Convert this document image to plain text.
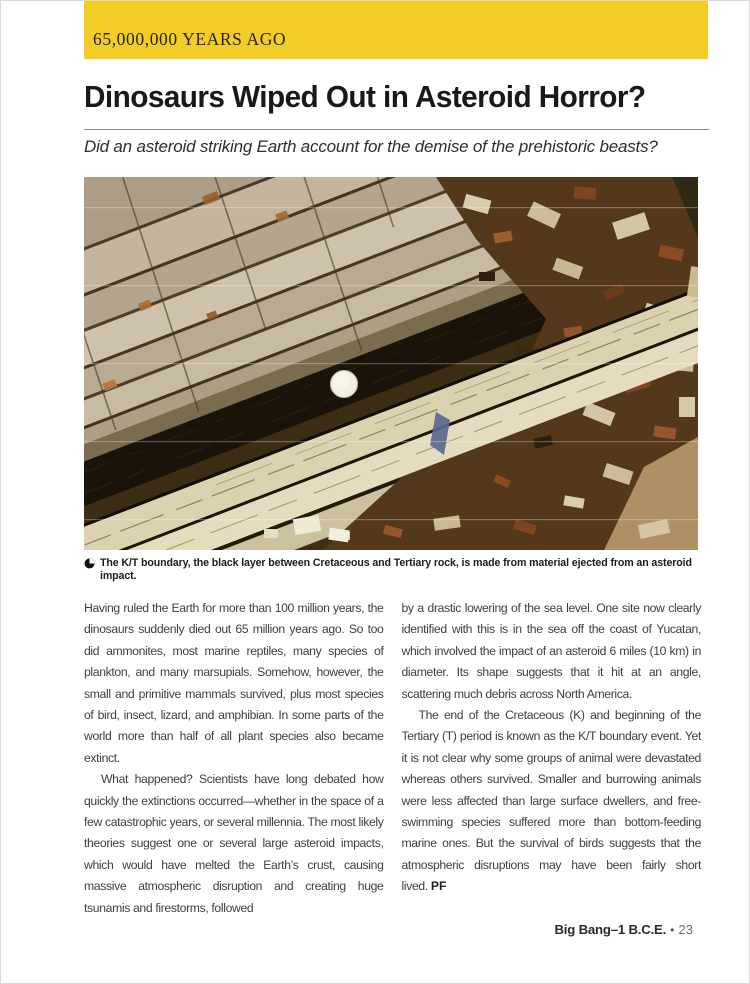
65,000,000 YEARS AGO
Dinosaurs Wiped Out in Asteroid Horror?
Did an asteroid striking Earth account for the demise of the prehistoric beasts?
The K/T boundary, the black layer between Cretaceous and Tertiary rock, is made from material ejected from an asteroid impact.

Having ruled the Earth for more than 100 million years, the dinosaurs suddenly died out 65 million years ago. So too did ammonites, most marine reptiles, many species of plankton, and many marsupials. Somehow, however, the small and primitive mammals survived, plus most species of bird, insect, lizard, and amphibian. In some parts of the world more than half of all plant species also became extinct.

What happened? Scientists have long debated how quickly the extinctions occurred—whether in the space of a few catastrophic years, or several millennia. The most likely theories suggest one or several large asteroid impacts, which would have melted the Earth’s crust, causing massive atmospheric disruption and creating huge tsunamis and firestorms, followed

by a drastic lowering of the sea level. One site now clearly identified with this is in the sea off the coast of Yucatan, which involved the impact of an asteroid 6 miles (10 km) in diameter. Its shape suggests that it hit at an angle, scattering much debris across North America.

The end of the Cretaceous (K) and beginning of the Tertiary (T) period is known as the K/T boundary event. Yet it is not clear why some groups of animal were devastated whereas others survived. Smaller and burrowing animals were less affected than large surface dwellers, and free-swimming species suffered more than bottom-feeding marine ones. But the survival of birds suggests that the atmospheric disruptions may have been fairly short lived. PF

Big Bang–1 B.C.E. • 23
